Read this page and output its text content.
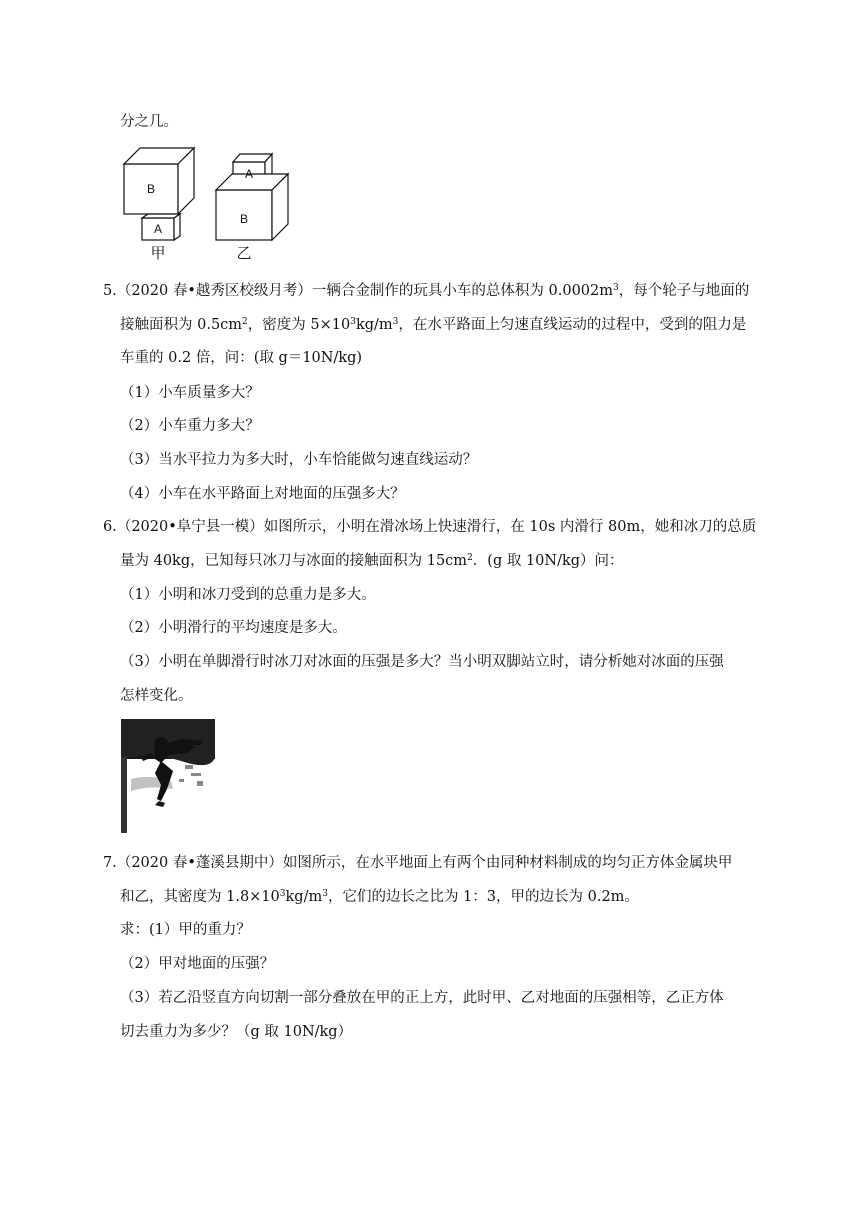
分之几。
B
A
A
B
甲	乙
5.（2020 春•越秀区校级月考）一辆合金制作的玩具小车的总体积为 $0.0002m^3$，每个轮子与地面的
接触面积为 $0.5cm^2$，密度为 $5\times 10^3kg/m^3$，在水平路面上匀速直线运动的过程中，受到的阻力是
车重的 0.2 倍，问：(取 g＝10N/kg)
（1）小车质量多大？
（2）小车重力多大？
（3）当水平拉力为多大时，小车恰能做匀速直线运动？
（4）小车在水平路面上对地面的压强多大？
6.（2020•阜宁县一模）如图所示，小明在滑冰场上快速滑行，在 10s 内滑行 80m，她和冰刀的总质
量为 40kg，已知每只冰刀与冰面的接触面积为 $15cm^2$．(g 取 10N/kg）问：
（1）小明和冰刀受到的总重力是多大。
（2）小明滑行的平均速度是多大。
（3）小明在单脚滑行时冰刀对冰面的压强是多大？当小明双脚站立时，请分析她对冰面的压强
怎样变化。
7.（2020 春•蓬溪县期中）如图所示，在水平地面上有两个由同种材料制成的均匀正方体金属块甲
和乙，其密度为 $1.8\times 10^3kg/m^3$，它们的边长之比为 1：3，甲的边长为 0.2m。
求：(1）甲的重力？
（2）甲对地面的压强？
（3）若乙沿竖直方向切割一部分叠放在甲的正上方，此时甲、乙对地面的压强相等，乙正方体
切去重力为多少？（g 取 10N/kg）
